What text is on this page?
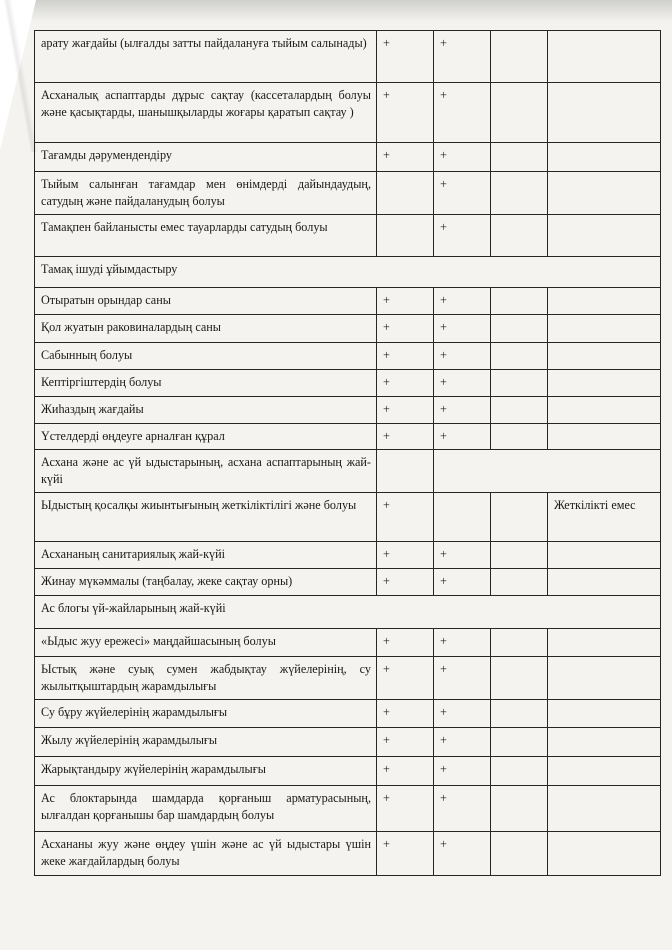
арату жағдайы (ылғалды затты пайдалануға тыйым салынады)	+	+		
Асханалық аспаптарды дұрыс сақтау (кассеталардың болуы және қасықтарды, шанышқыларды жоғары қаратып сақтау )	+	+		
Тағамды дәрумендендіру	+	+		
Тыйым салынған тағамдар мен өнімдерді дайындаудың, сатудың және пайдаланудың болуы		+		
Тамақпен байланысты емес тауарларды сатудың болуы		+		
Тамақ ішуді ұйымдастыру				
Отыратын орындар саны	+	+		
Қол жуатын раковиналардың саны	+	+		
Сабынның болуы	+	+		
Кептіргіштердің болуы	+	+		
Жиһаздың жағдайы	+	+		
Үстелдерді өңдеуге арналған құрал	+	+		
Асхана және ас үй ыдыстарының, асхана аспаптарының жай-күйі				
Ыдыстың қосалқы жиынтығының жеткіліктілігі және болуы	+			Жеткілікті емес
Асхананың санитариялық жай-күйі	+	+		
Жинау мүкәммалы (таңбалау, жеке сақтау орны)	+	+		
Ас блогы үй-жайларының жай-күйі				
«Ыдыс жуу ережесі» маңдайшасының болуы	+	+		
Ыстық және суық сумен жабдықтау жүйелерінің, су жылытқыштардың жарамдылығы	+	+		
Су бұру жүйелерінің жарамдылығы	+	+		
Жылу жүйелерінің жарамдылығы	+	+		
Жарықтандыру жүйелерінің жарамдылығы	+	+		
Ас блоктарында шамдарда қорғаныш арматурасының, ылғалдан қорғанышы бар шамдардың болуы	+	+		
Асхананы жуу және өңдеу үшін және ас үй ыдыстары үшін жеке жағдайлардың болуы	+	+		
